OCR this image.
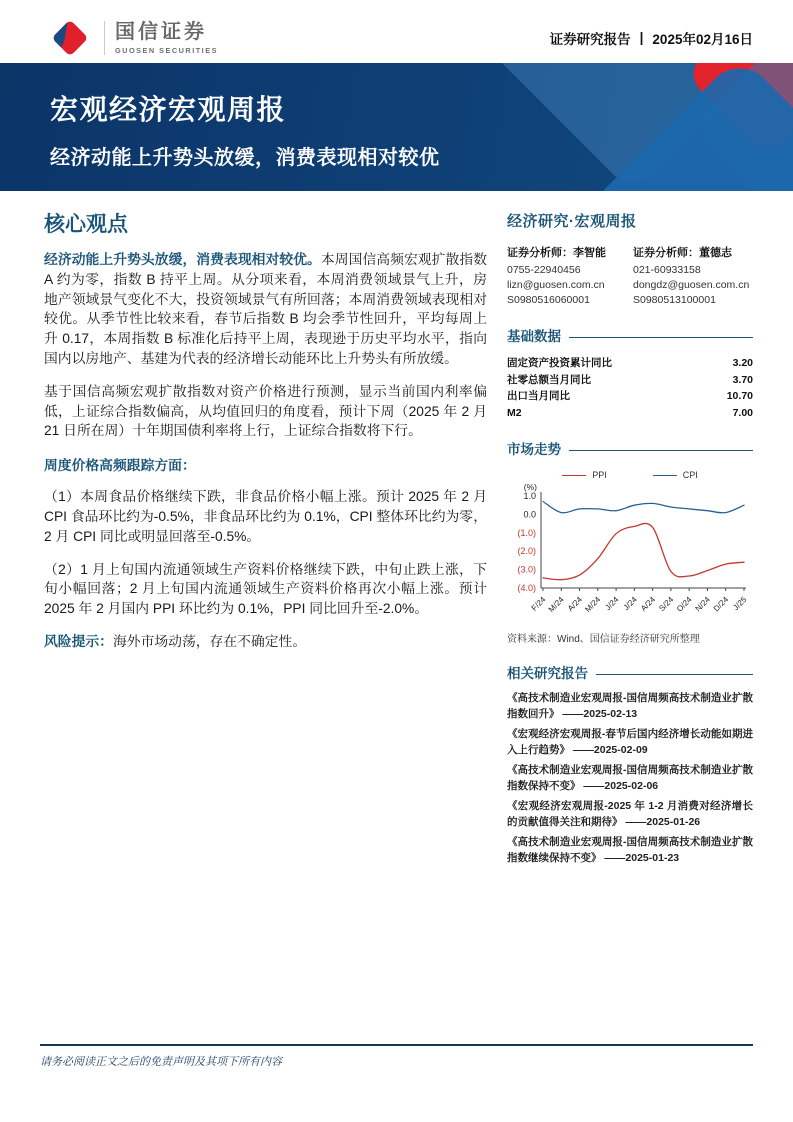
国信证券
GUOSEN SECURITIES
证券研究报告 | 2025年02月16日
宏观经济宏观周报
经济动能上升势头放缓，消费表现相对较优
核心观点

经济动能上升势头放缓，消费表现相对较优。本周国信高频宏观扩散指数 A 约为零，指数 B 持平上周。从分项来看，本周消费领域景气上升，房地产领域景气变化不大，投资领域景气有所回落；本周消费领域表现相对较优。从季节性比较来看，春节后指数 B 均会季节性回升，平均每周上升 0.17，本周指数 B 标准化后持平上周，表现逊于历史平均水平，指向国内以房地产、基建为代表的经济增长动能环比上升势头有所放缓。

基于国信高频宏观扩散指数对资产价格进行预测，显示当前国内利率偏低，上证综合指数偏高，从均值回归的角度看，预计下周（2025 年 2 月 21 日所在周）十年期国债利率将上行，上证综合指数将下行。

周度价格高频跟踪方面：

（1）本周食品价格继续下跌，非食品价格小幅上涨。预计 2025 年 2 月 CPI 食品环比约为-0.5%，非食品环比约为 0.1%，CPI 整体环比约为零，2 月 CPI 同比或明显回落至-0.5%。

（2）1 月上旬国内流通领域生产资料价格继续下跌，中旬止跌上涨，下旬小幅回落；2 月上旬国内流通领域生产资料价格再次小幅上涨。预计 2025 年 2 月国内 PPI 环比约为 0.1%，PPI 同比回升至-2.0%。

风险提示：海外市场动荡，存在不确定性。

经济研究·宏观周报
证券分析师：李智能
0755-22940456
lizn@guosen.com.cn
S0980516060001
证券分析师：董德志
021-60933158
dongdz@guosen.com.cn
S0980513100001
基础数据
固定资产投资累计同比	3.20
社零总额当月同比	3.70
出口当月同比	10.70
M2	7.00
市场走势
PPI	CPI
(%)
1.0
0.0
(1.0)
(2.0)
(3.0)
(4.0)
F/24 M/24 A/24 M/24 J/24 J/24 A/24 S/24 O/24 N/24 D/24 J/25
资料来源：Wind、国信证券经济研究所整理
相关研究报告
《高技术制造业宏观周报-国信周频高技术制造业扩散指数回升》 ——2025-02-13
《宏观经济宏观周报-春节后国内经济增长动能如期进入上行趋势》 ——2025-02-09
《高技术制造业宏观周报-国信周频高技术制造业扩散指数保持不变》 ——2025-02-06
《宏观经济宏观周报-2025 年 1-2 月消费对经济增长的贡献值得关注和期待》 ——2025-01-26
《高技术制造业宏观周报-国信周频高技术制造业扩散指数继续保持不变》 ——2025-01-23
请务必阅读正文之后的免责声明及其项下所有内容
